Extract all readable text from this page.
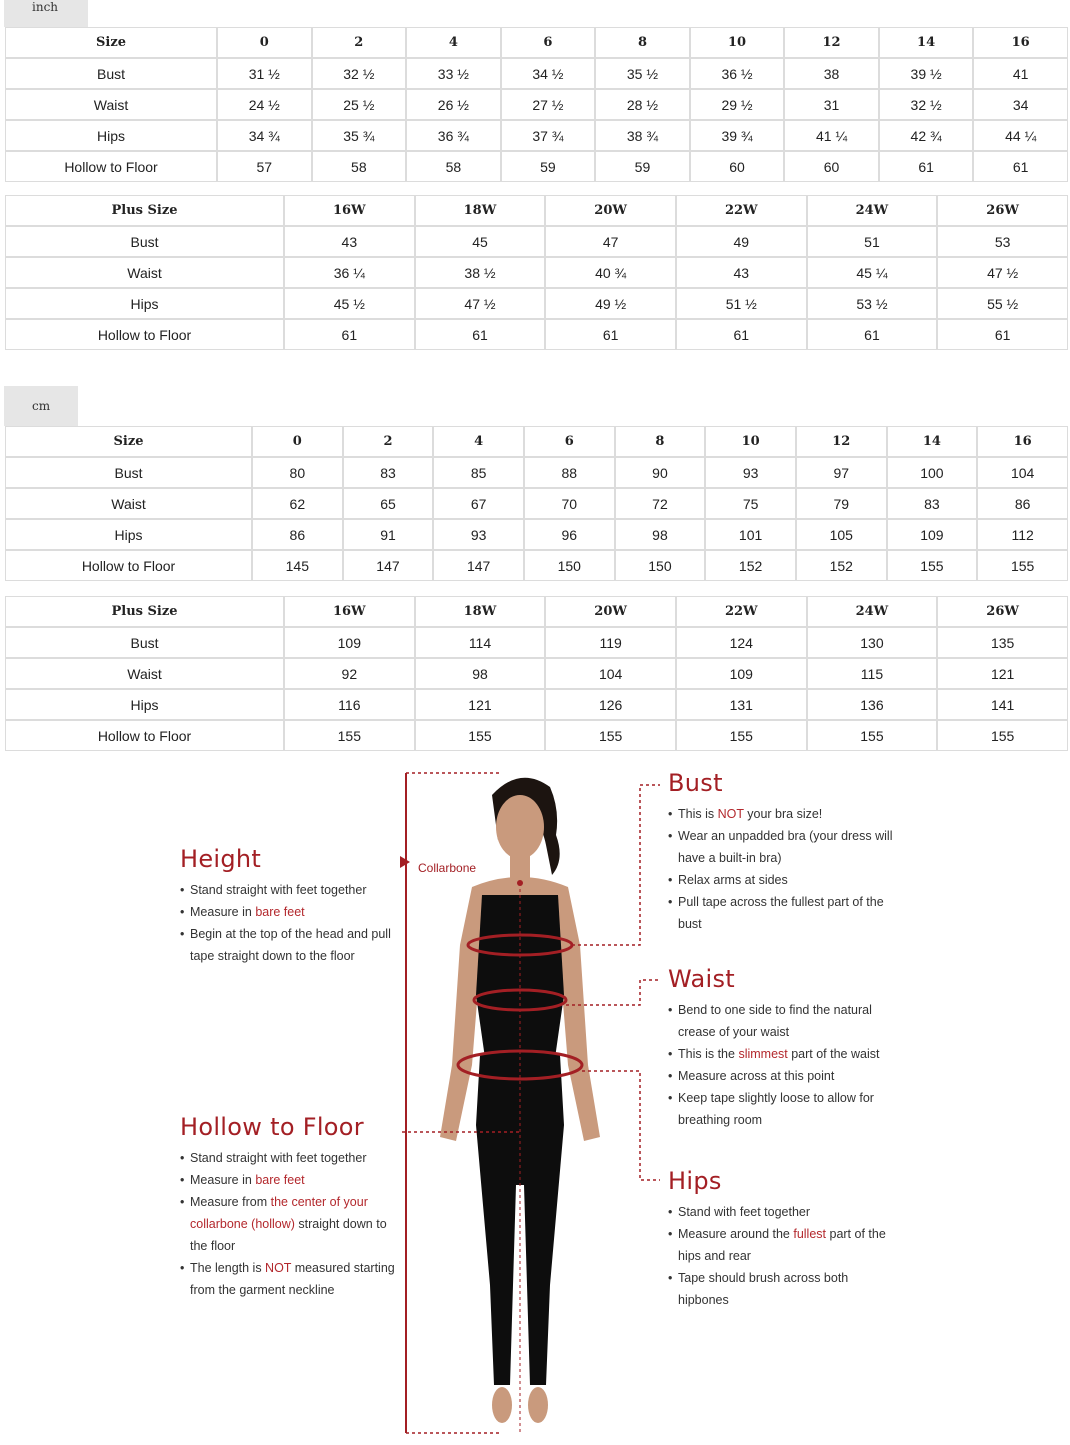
inch
Size	0	2	4	6	8	10	12	14	16
Bust	31 ½	32 ½	33 ½	34 ½	35 ½	36 ½	38	39 ½	41
Waist	24 ½	25 ½	26 ½	27 ½	28 ½	29 ½	31	32 ½	34
Hips	34 ¾	35 ¾	36 ¾	37 ¾	38 ¾	39 ¾	41 ¼	42 ¾	44 ¼
Hollow to Floor	57	58	58	59	59	60	60	61	61
Plus Size	16W	18W	20W	22W	24W	26W
Bust	43	45	47	49	51	53
Waist	36 ¼	38 ½	40 ¾	43	45 ¼	47 ½
Hips	45 ½	47 ½	49 ½	51 ½	53 ½	55 ½
Hollow to Floor	61	61	61	61	61	61
cm
Size	0	2	4	6	8	10	12	14	16
Bust	80	83	85	88	90	93	97	100	104
Waist	62	65	67	70	72	75	79	83	86
Hips	86	91	93	96	98	101	105	109	112
Hollow to Floor	145	147	147	150	150	152	152	155	155
Plus Size	16W	18W	20W	22W	24W	26W
Bust	109	114	119	124	130	135
Waist	92	98	104	109	115	121
Hips	116	121	126	131	136	141
Hollow to Floor	155	155	155	155	155	155
Collarbone
Height
• Stand straight with feet together
• Measure in bare feet
• Begin at the top of the head and pull tape straight down to the floor
Hollow to Floor
• Stand straight with feet together
• Measure in bare feet
• Measure from the center of your collarbone (hollow) straight down to the floor
• The length is NOT measured starting from the garment neckline
Bust
• This is NOT your bra size!
• Wear an unpadded bra (your dress will have a built-in bra)
• Relax arms at sides
• Pull tape across the fullest part of the bust
Waist
• Bend to one side to find the natural crease of your waist
• This is the slimmest part of the waist
• Measure across at this point
• Keep tape slightly loose to allow for breathing room
Hips
• Stand with feet together
• Measure around the fullest part of the hips and rear
• Tape should brush across both hipbones
